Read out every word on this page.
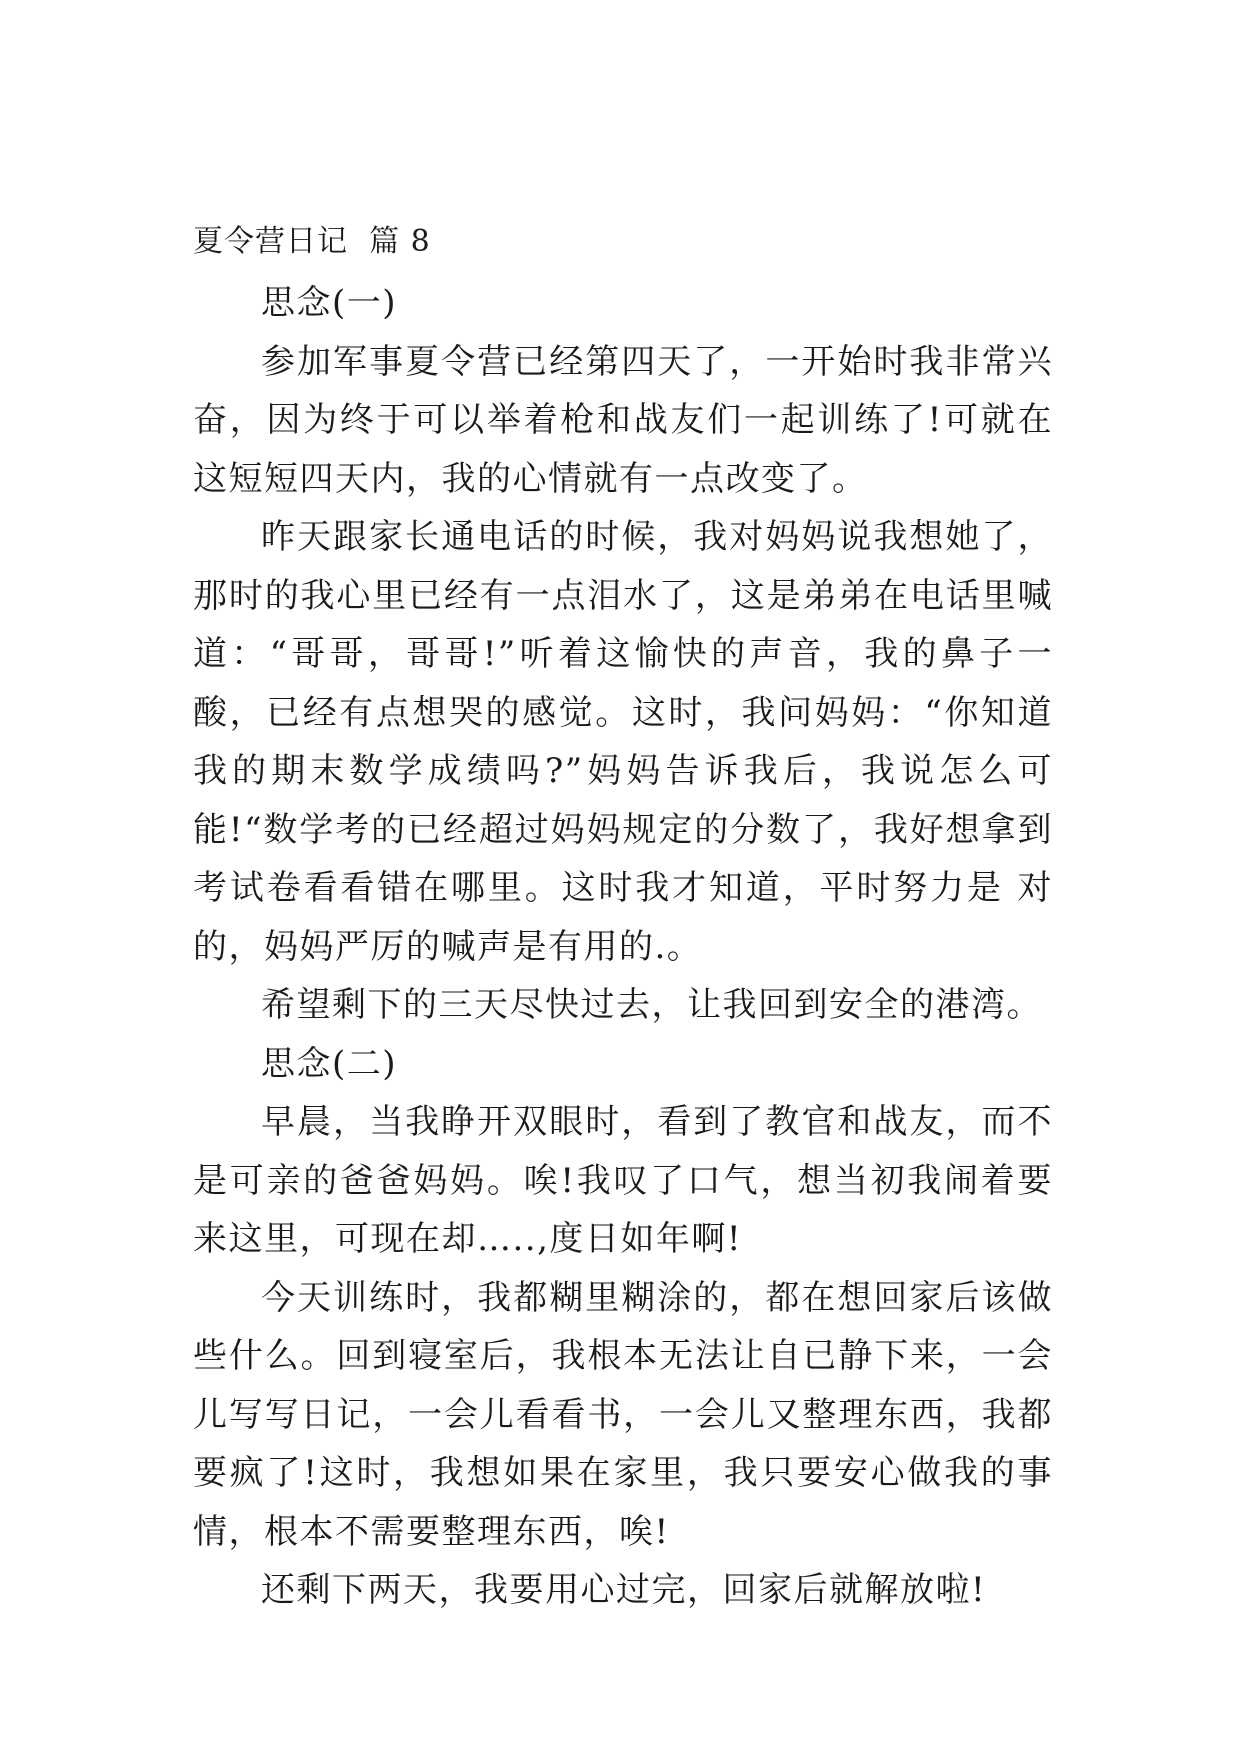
夏令营日记  篇 8

思念(一)

参加军事夏令营已经第四天了，一开始时我非常兴奋，因为终于可以举着枪和战友们一起训练了!可就在这短短四天内，我的心情就有一点改变了。

昨天跟家长通电话的时候，我对妈妈说我想她了，那时的我心里已经有一点泪水了，这是弟弟在电话里喊道：“哥哥，哥哥!”听着这愉快的声音，我的鼻子一酸，已经有点想哭的感觉。这时，我问妈妈：“你知道我的期末数学成绩吗?”妈妈告诉我后，我说怎么可能!“数学考的已经超过妈妈规定的分数了，我好想拿到考试卷看看错在哪里。这时我才知道，平时努力是 对的，妈妈严厉的喊声是有用的.。

希望剩下的三天尽快过去，让我回到安全的港湾。

思念(二)

早晨，当我睁开双眼时，看到了教官和战友，而不是可亲的爸爸妈妈。唉!我叹了口气，想当初我闹着要来这里，可现在却…..,度日如年啊!

今天训练时，我都糊里糊涂的，都在想回家后该做些什么。回到寝室后，我根本无法让自已静下来，一会儿写写日记，一会儿看看书，一会儿又整理东西，我都要疯了!这时，我想如果在家里，我只要安心做我的事情，根本不需要整理东西，唉!

还剩下两天，我要用心过完，回家后就解放啦!
